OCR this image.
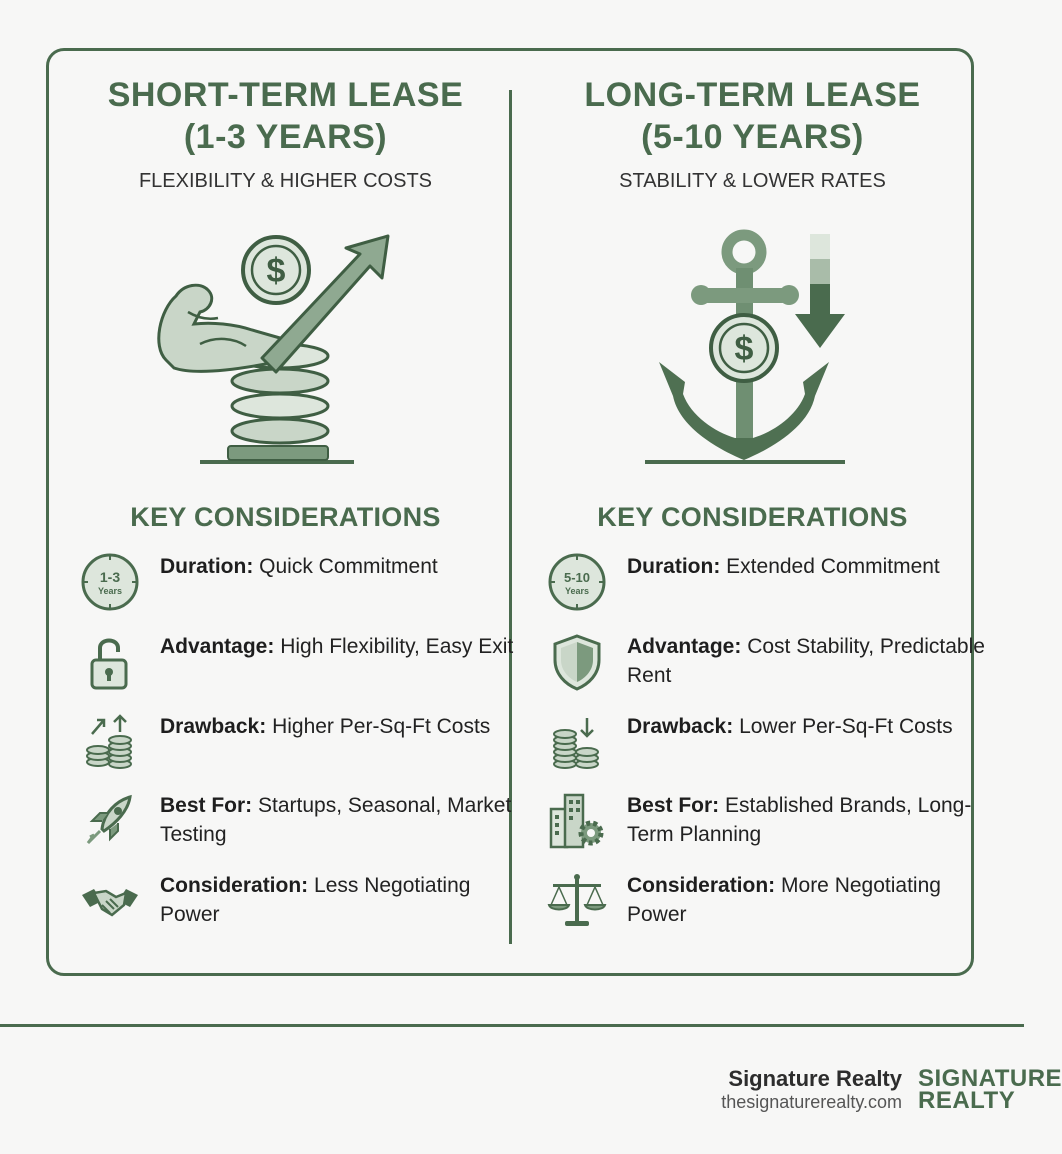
SHORT-TERM LEASE
(1-3 YEARS)

FLEXIBILITY & HIGHER COSTS

$
KEY CONSIDERATIONS
1-3
Years

Duration: Quick Commitment

Advantage: High Flexibility, Easy Exit

Drawback: Higher Per-Sq-Ft Costs

Best For: Startups, Seasonal, Market Testing

Consideration: Less Negotiating Power

LONG-TERM LEASE
(5-10 YEARS)

STABILITY & LOWER RATES

$
KEY CONSIDERATIONS
5-10
Years

Duration: Extended Commitment

Advantage: Cost Stability, Predictable Rent

Drawback: Lower Per-Sq-Ft Costs

Best For: Established Brands, Long-Term Planning

Consideration: More Negotiating Power

Signature Realty
thesignaturerealty.com
SIGNATURE
REALTY
